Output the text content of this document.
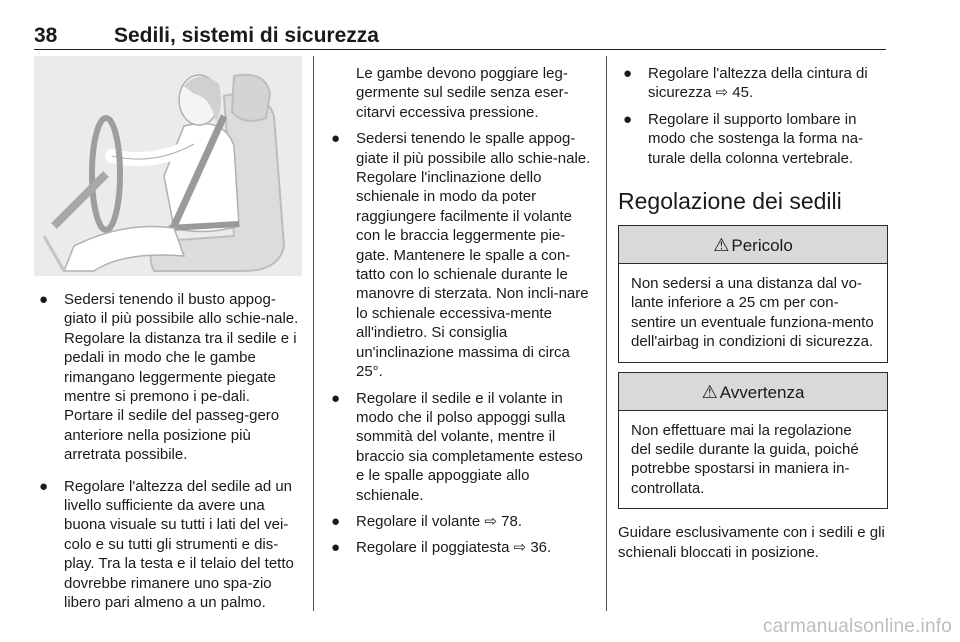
38	Sedili, sistemi di sicurezza
● Sedersi tenendo il busto appog-giato il più possibile allo schie-nale. Regolare la distanza tra il sedile e i pedali in modo che le gambe rimangano leggermente piegate mentre si premono i pe-dali. Portare il sedile del passeg-gero anteriore nella posizione più arretrata possibile.
● Regolare l'altezza del sedile ad un livello sufficiente da avere una buona visuale su tutti i lati del vei-colo e su tutti gli strumenti e dis-play. Tra la testa e il telaio del tetto dovrebbe rimanere uno spa-zio libero pari almeno a un palmo.
Le gambe devono poggiare leg-germente sul sedile senza eser-citarvi eccessiva pressione.
● Sedersi tenendo le spalle appog-giate il più possibile allo schie-nale. Regolare l'inclinazione dello schienale in modo da poter raggiungere facilmente il volante con le braccia leggermente pie-gate. Mantenere le spalle a con-tatto con lo schienale durante le manovre di sterzata. Non incli-nare lo schienale eccessiva-mente all'indietro. Si consiglia un'inclinazione massima di circa 25°.
● Regolare il sedile e il volante in modo che il polso appoggi sulla sommità del volante, mentre il braccio sia completamente esteso e le spalle appoggiate allo schienale.
● Regolare il volante ⇨ 78.
● Regolare il poggiatesta ⇨ 36.
● Regolare l'altezza della cintura di sicurezza ⇨ 45.
● Regolare il supporto lombare in modo che sostenga la forma na-turale della colonna vertebrale.
Regolazione dei sedili
⚠ Pericolo
Non sedersi a una distanza dal vo-lante inferiore a 25 cm per con-sentire un eventuale funziona-mento dell'airbag in condizioni di sicurezza.
⚠ Avvertenza
Non effettuare mai la regolazione del sedile durante la guida, poiché potrebbe spostarsi in maniera in-controllata.
Guidare esclusivamente con i sedili e gli schienali bloccati in posizione.
carmanualsonline.info
